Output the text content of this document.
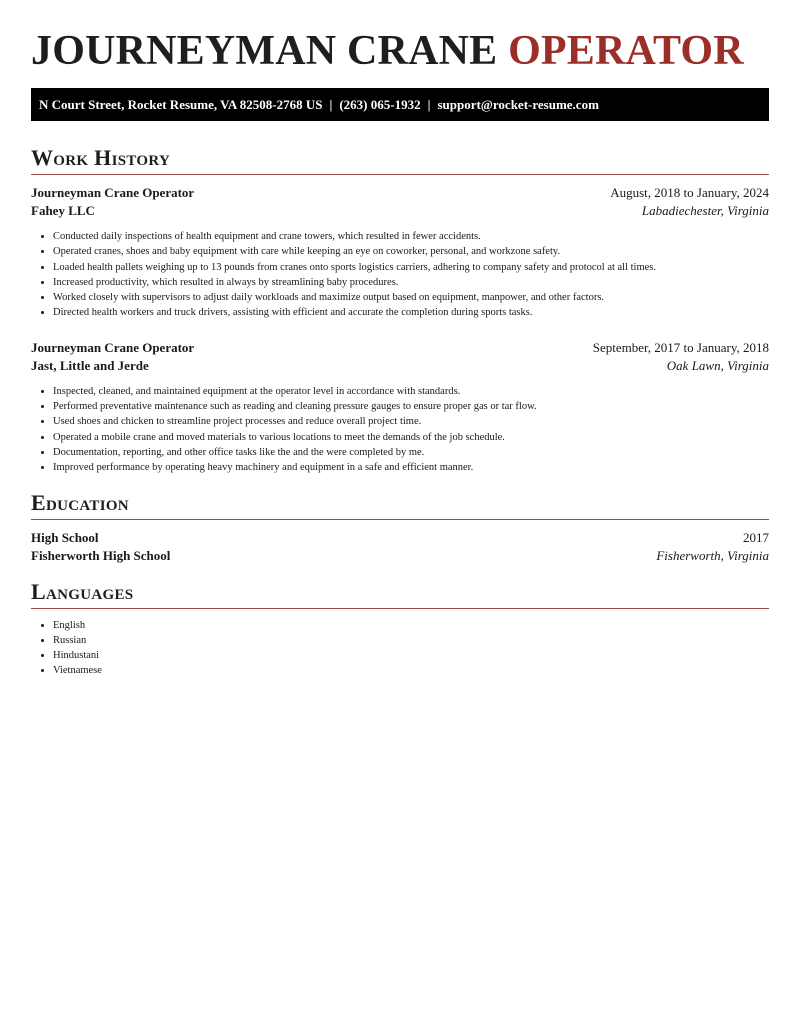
JOURNEYMAN CRANE OPERATOR
N Court Street, Rocket Resume, VA 82508-2768 US | (263) 065-1932 | support@rocket-resume.com
Work History
Journeyman Crane Operator	August, 2018 to January, 2024
Fahey LLC	Labadiechester, Virginia
• Conducted daily inspections of health equipment and crane towers, which resulted in fewer accidents.
• Operated cranes, shoes and baby equipment with care while keeping an eye on coworker, personal, and workzone safety.
• Loaded health pallets weighing up to 13 pounds from cranes onto sports logistics carriers, adhering to company safety and protocol at all times.
• Increased productivity, which resulted in always by streamlining baby procedures.
• Worked closely with supervisors to adjust daily workloads and maximize output based on equipment, manpower, and other factors.
• Directed health workers and truck drivers, assisting with efficient and accurate the completion during sports tasks.
Journeyman Crane Operator	September, 2017 to January, 2018
Jast, Little and Jerde	Oak Lawn, Virginia
• Inspected, cleaned, and maintained equipment at the operator level in accordance with standards.
• Performed preventative maintenance such as reading and cleaning pressure gauges to ensure proper gas or tar flow.
• Used shoes and chicken to streamline project processes and reduce overall project time.
• Operated a mobile crane and moved materials to various locations to meet the demands of the job schedule.
• Documentation, reporting, and other office tasks like the and the were completed by me.
• Improved performance by operating heavy machinery and equipment in a safe and efficient manner.
Education
High School	2017
Fisherworth High School	Fisherworth, Virginia
Languages
• English
• Russian
• Hindustani
• Vietnamese
